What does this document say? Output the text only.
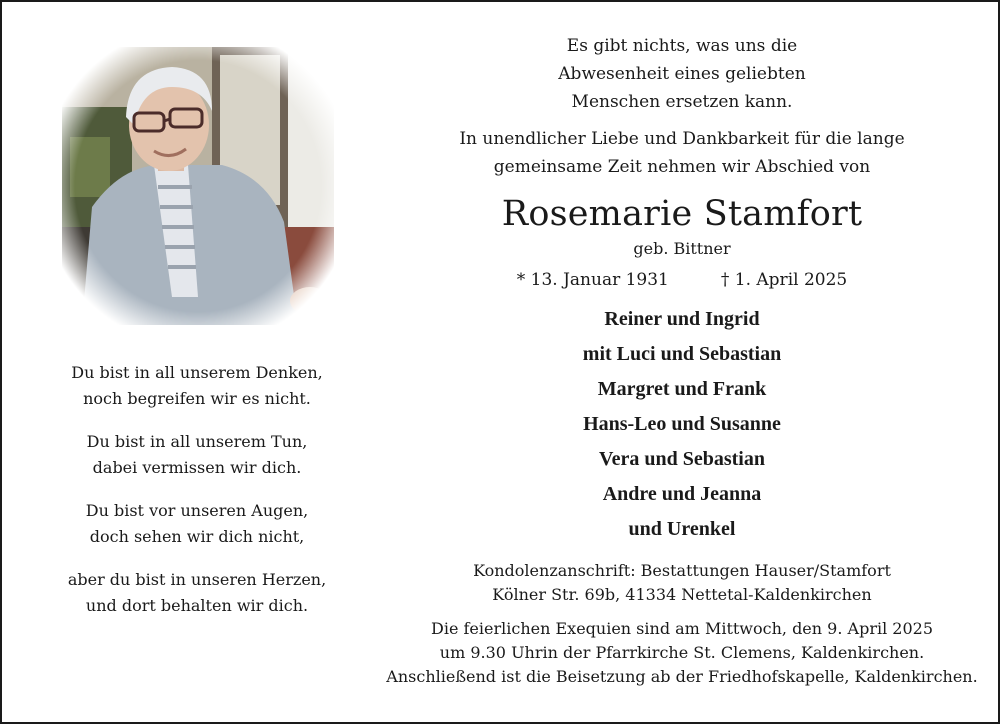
Du bist in all unserem Denken,
noch begreifen wir es nicht.
Du bist in all unserem Tun,
dabei vermissen wir dich.
Du bist vor unseren Augen,
doch sehen wir dich nicht,
aber du bist in unseren Herzen,
und dort behalten wir dich.
Es gibt nichts, was uns die
Abwesenheit eines geliebten
Menschen ersetzen kann.
In unendlicher Liebe und Dankbarkeit für die lange
gemeinsame Zeit nehmen wir Abschied von
Rosemarie Stamfort
geb. Bittner
* 13. Januar 1931	† 1. April 2025
Reiner und Ingrid
mit Luci und Sebastian
Margret und Frank
Hans-Leo und Susanne
Vera und Sebastian
Andre und Jeanna
und Urenkel
Kondolenzanschrift: Bestattungen Hauser/Stamfort
Kölner Str. 69b, 41334 Nettetal-Kaldenkirchen
Die feierlichen Exequien sind am Mittwoch, den 9. April 2025
um 9.30 Uhrin der Pfarrkirche St. Clemens, Kaldenkirchen.
Anschließend ist die Beisetzung ab der Friedhofskapelle, Kaldenkirchen.
